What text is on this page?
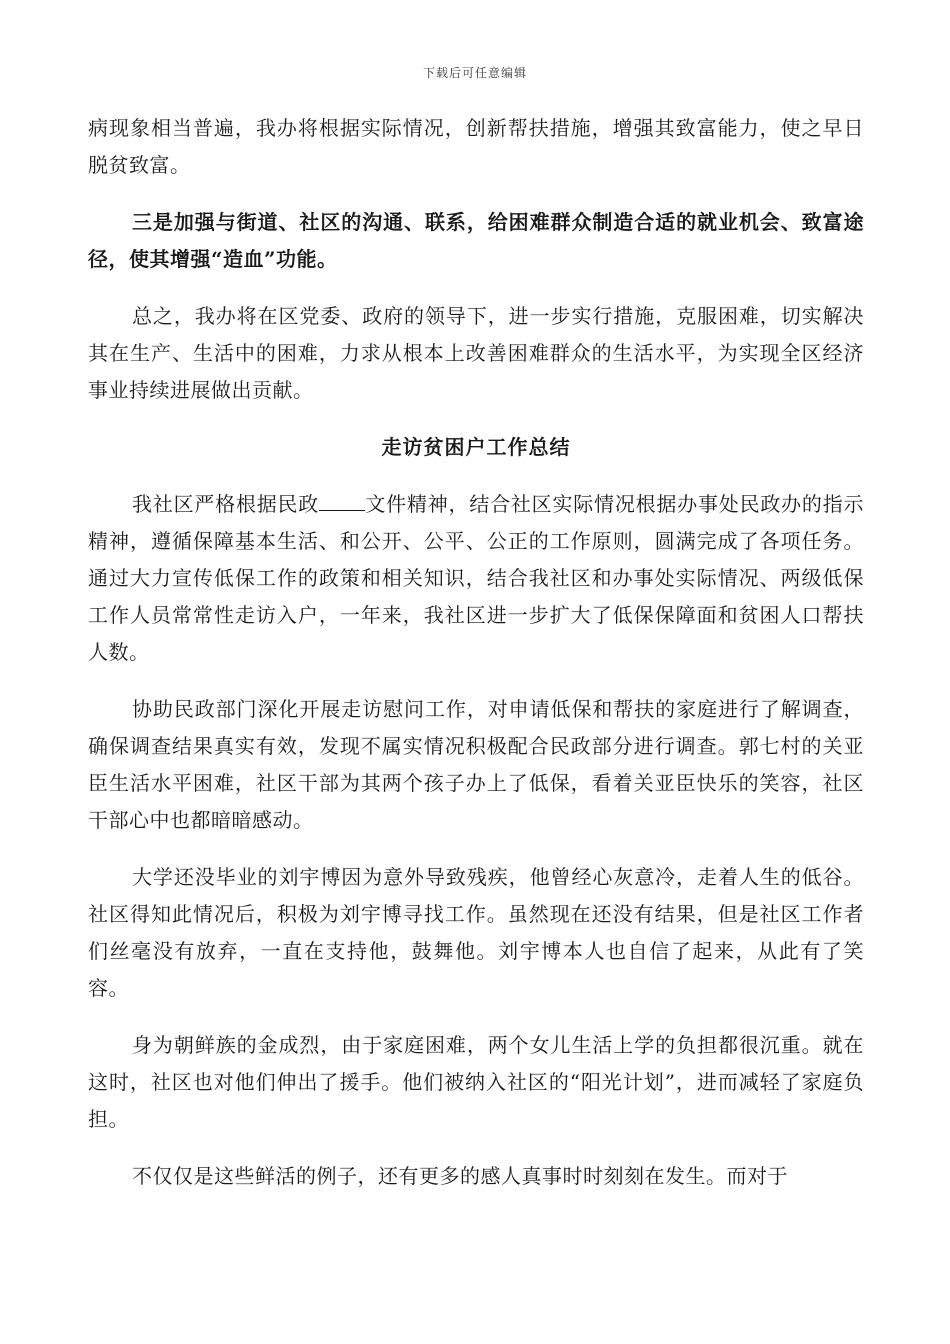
下载后可任意编辑

病现象相当普遍，我办将根据实际情况，创新帮扶措施，增强其致富能力，使之早日脱贫致富。

三是加强与街道、社区的沟通、联系，给困难群众制造合适的就业机会、致富途径，使其增强“造血”功能。

总之，我办将在区党委、政府的领导下，进一步实行措施，克服困难，切实解决其在生产、生活中的困难，力求从根本上改善困难群众的生活水平，为实现全区经济事业持续进展做出贡献。

走访贫困户工作总结

我社区严格根据民政 文件精神，结合社区实际情况根据办事处民政办的指示精神，遵循保障基本生活、和公开、公平、公正的工作原则，圆满完成了各项任务。通过大力宣传低保工作的政策和相关知识，结合我社区和办事处实际情况、两级低保工作人员常常性走访入户，一年来，我社区进一步扩大了低保保障面和贫困人口帮扶人数。

协助民政部门深化开展走访慰问工作，对申请低保和帮扶的家庭进行了解调查，确保调查结果真实有效，发现不属实情况积极配合民政部分进行调查。郭七村的关亚臣生活水平困难，社区干部为其两个孩子办上了低保，看着关亚臣快乐的笑容，社区干部心中也都暗暗感动。

大学还没毕业的刘宇博因为意外导致残疾，他曾经心灰意冷，走着人生的低谷。社区得知此情况后，积极为刘宇博寻找工作。虽然现在还没有结果，但是社区工作者们丝毫没有放弃，一直在支持他，鼓舞他。刘宇博本人也自信了起来，从此有了笑容。

身为朝鲜族的金成烈，由于家庭困难，两个女儿生活上学的负担都很沉重。就在这时，社区也对他们伸出了援手。他们被纳入社区的“阳光计划”，进而减轻了家庭负担。

不仅仅是这些鲜活的例子，还有更多的感人真事时时刻刻在发生。而对于
